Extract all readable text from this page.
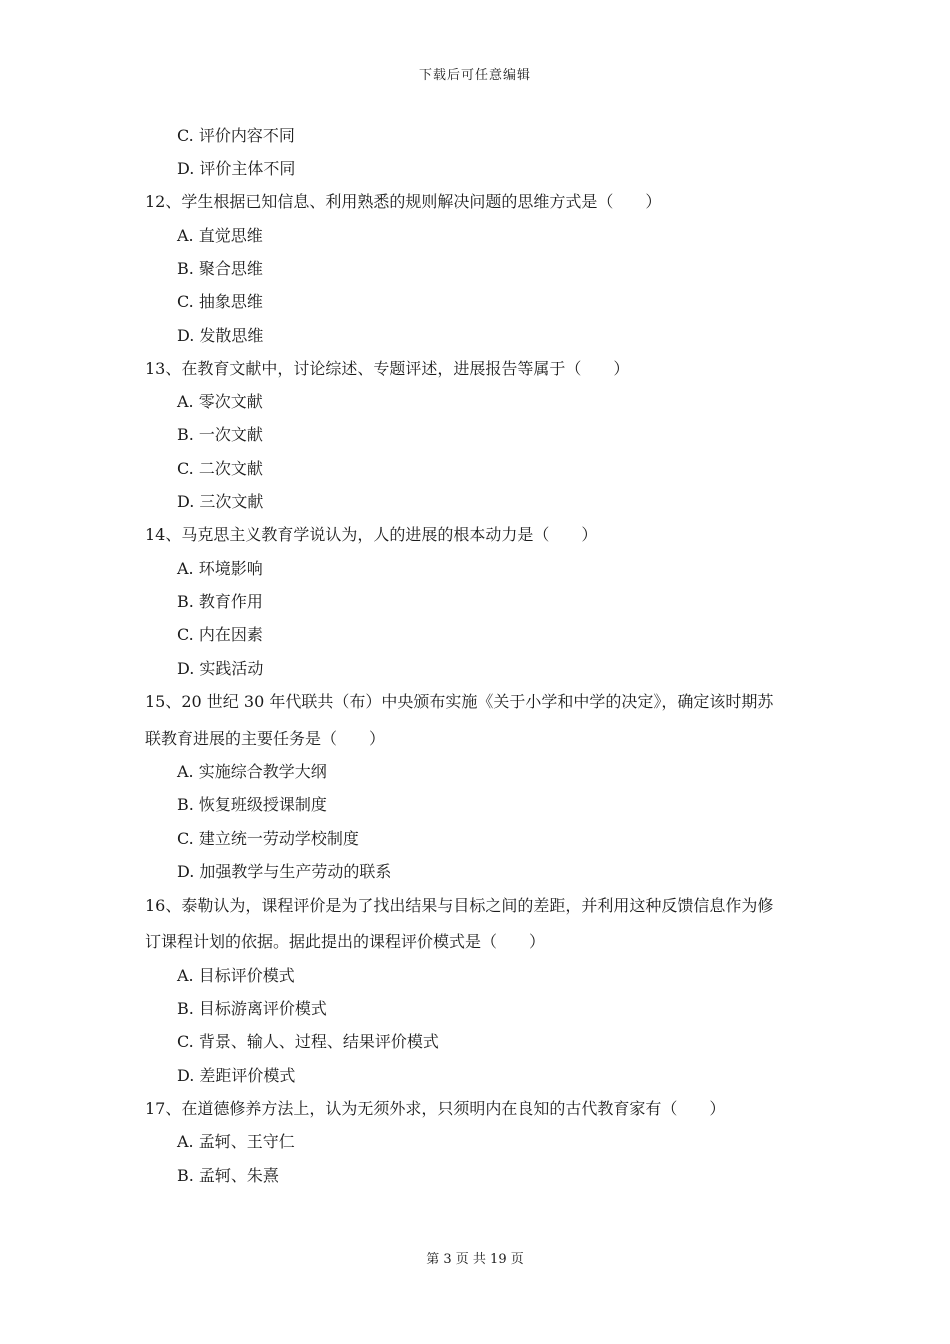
下载后可任意编辑
C. 评价内容不同
D. 评价主体不同
12、学生根据已知信息、利用熟悉的规则解决问题的思维方式是（　　）
A. 直觉思维
B. 聚合思维
C. 抽象思维
D. 发散思维
13、在教育文献中，讨论综述、专题评述，进展报告等属于（　　）
A. 零次文献
B. 一次文献
C. 二次文献
D. 三次文献
14、马克思主义教育学说认为，人的进展的根本动力是（　　）
A. 环境影响
B. 教育作用
C. 内在因素
D. 实践活动
15、20 世纪 30 年代联共（布）中央颁布实施《关于小学和中学的决定》，确定该时期苏
联教育进展的主要任务是（　　）
A. 实施综合教学大纲
B. 恢复班级授课制度
C. 建立统一劳动学校制度
D. 加强教学与生产劳动的联系
16、泰勒认为，课程评价是为了找出结果与目标之间的差距，并利用这种反馈信息作为修
订课程计划的依据。据此提出的课程评价模式是（　　）
A. 目标评价模式
B. 目标游离评价模式
C. 背景、输人、过程、结果评价模式
D. 差距评价模式
17、在道德修养方法上，认为无须外求，只须明内在良知的古代教育家有（　　）
A. 孟轲、王守仁
B. 孟轲、朱熹
第 3 页 共 19 页
